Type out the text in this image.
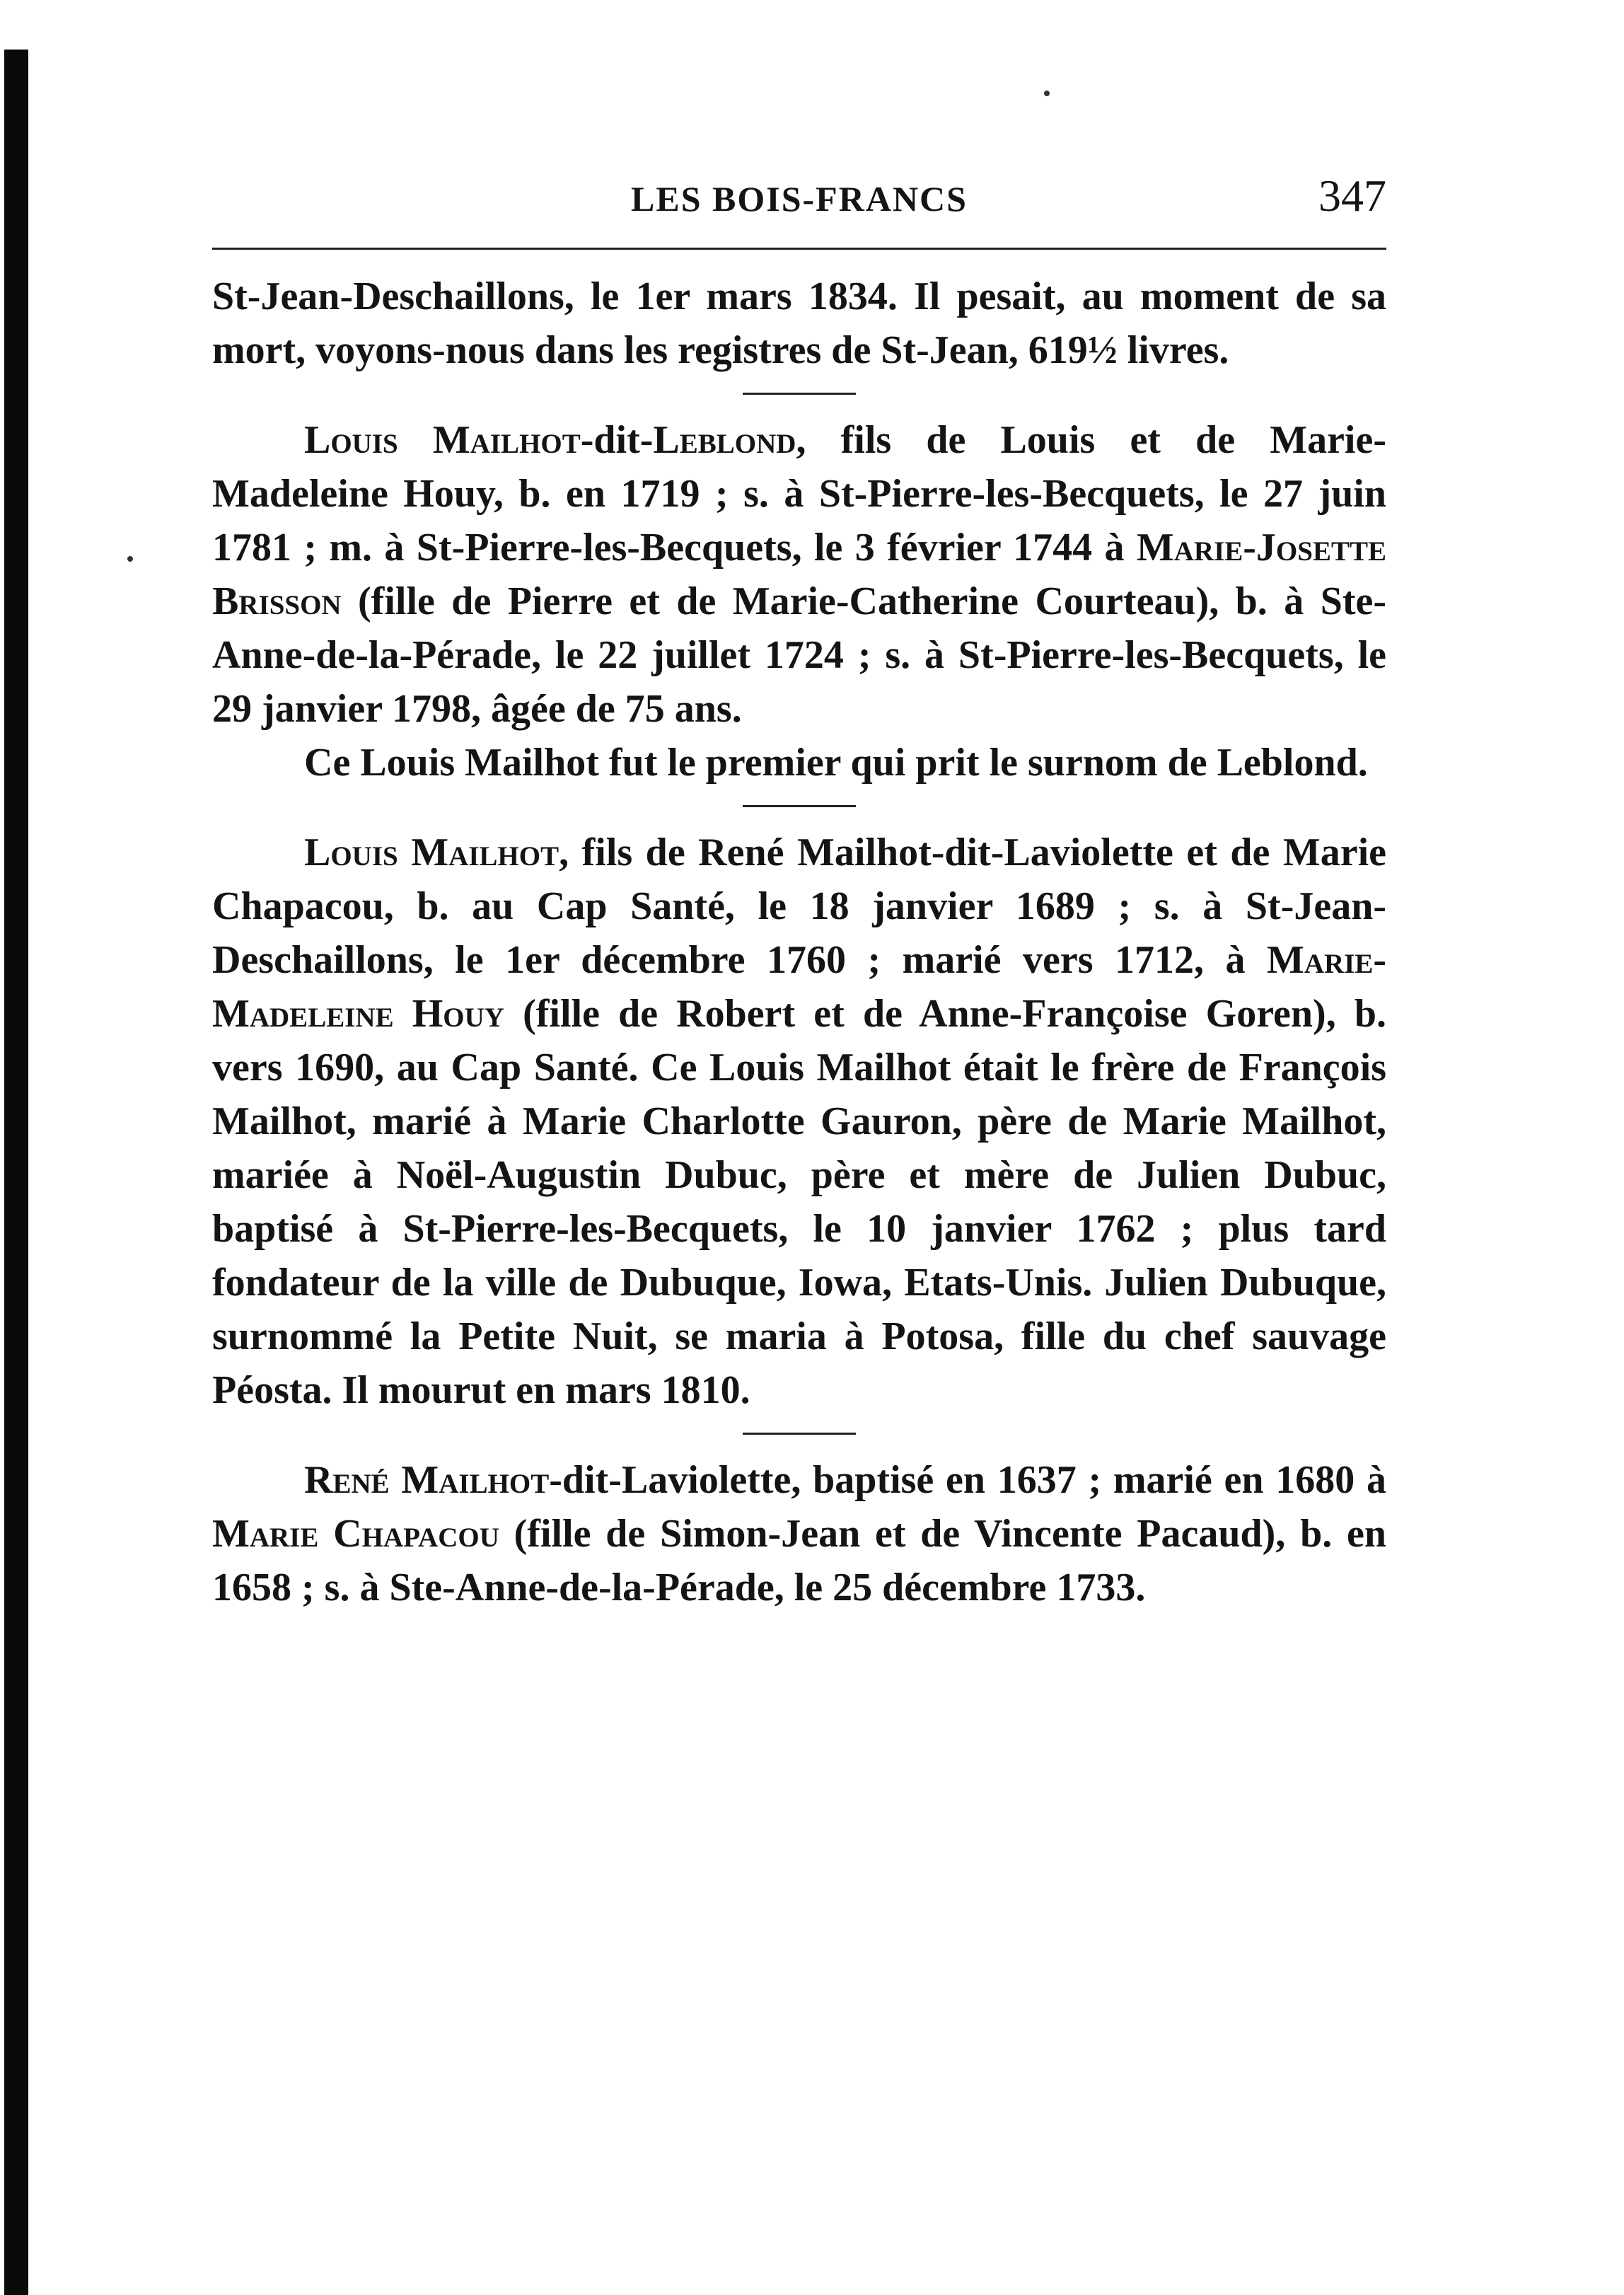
LES BOIS-FRANCS	347

St-Jean-Deschaillons, le 1er mars 1834. Il pesait, au moment de sa mort, voyons-nous dans les registres de St-Jean, 619½ livres.

Louis Mailhot-dit-Leblond, fils de Louis et de Marie-Madeleine Houy, b. en 1719 ; s. à St-Pierre-les-Becquets, le 27 juin 1781 ; m. à St-Pierre-les-Becquets, le 3 février 1744 à Marie-Josette Brisson (fille de Pierre et de Marie-Catherine Courteau), b. à Ste-Anne-de-la-Pérade, le 22 juillet 1724 ; s. à St-Pierre-les-Becquets, le 29 janvier 1798, âgée de 75 ans.

Ce Louis Mailhot fut le premier qui prit le surnom de Leblond.

Louis Mailhot, fils de René Mailhot-dit-Laviolette et de Marie Chapacou, b. au Cap Santé, le 18 janvier 1689 ; s. à St-Jean-Deschaillons, le 1er décembre 1760 ; marié vers 1712, à Marie-Madeleine Houy (fille de Robert et de Anne-Françoise Goren), b. vers 1690, au Cap Santé. Ce Louis Mailhot était le frère de François Mailhot, marié à Marie Charlotte Gauron, père de Marie Mailhot, mariée à Noël-Augustin Dubuc, père et mère de Julien Dubuc, baptisé à St-Pierre-les-Becquets, le 10 janvier 1762 ; plus tard fondateur de la ville de Dubuque, Iowa, Etats-Unis. Julien Dubuque, surnommé la Petite Nuit, se maria à Potosa, fille du chef sauvage Péosta. Il mourut en mars 1810.

René Mailhot-dit-Laviolette, baptisé en 1637 ; marié en 1680 à Marie Chapacou (fille de Simon-Jean et de Vincente Pacaud), b. en 1658 ; s. à Ste-Anne-de-la-Pérade, le 25 décembre 1733.
